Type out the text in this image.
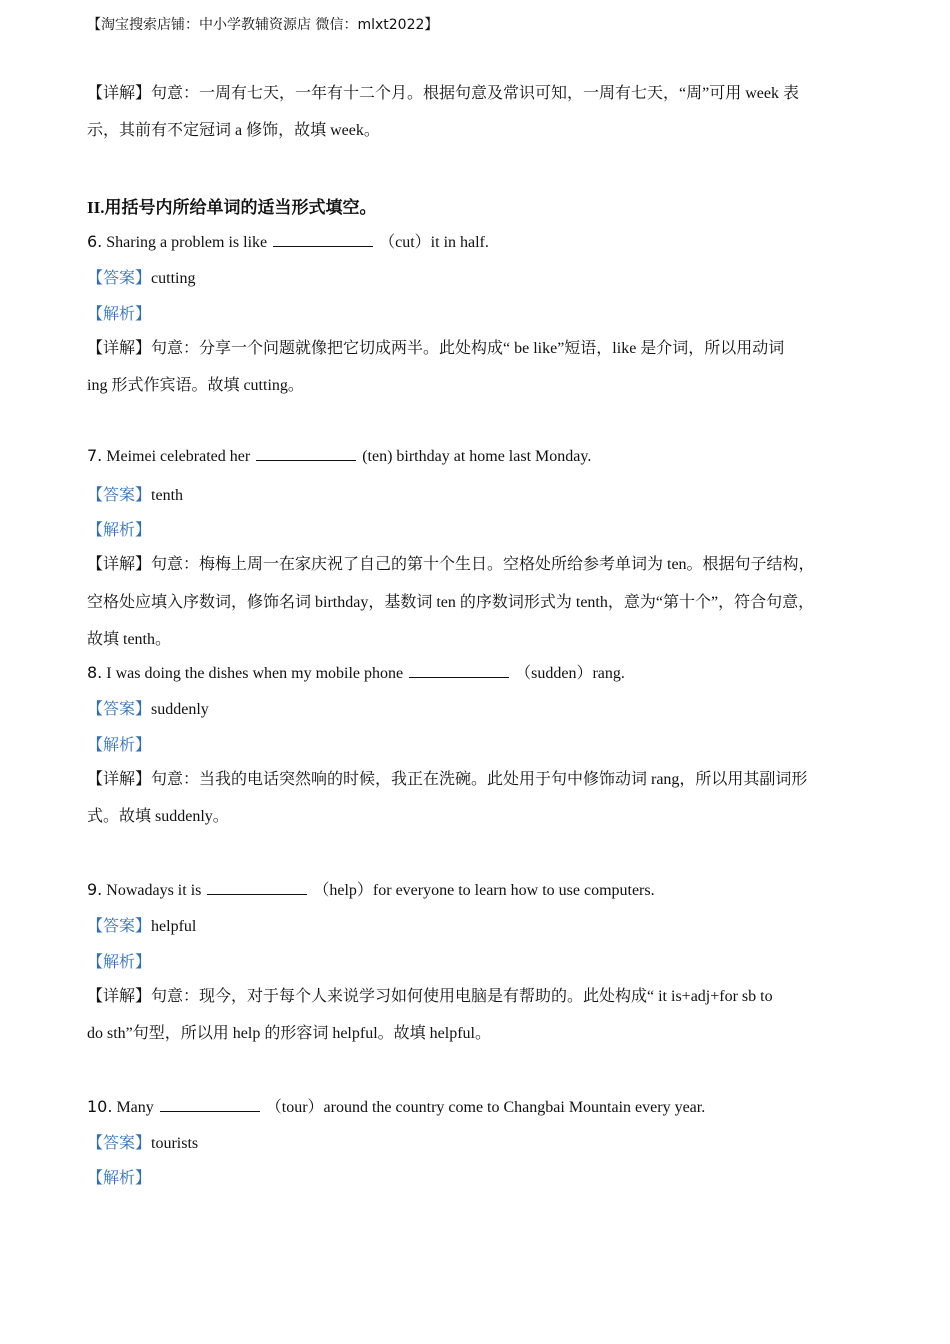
【淘宝搜索店铺：中小学教辅资源店 微信：mlxt2022】
【详解】句意：一周有七天，一年有十二个月。根据句意及常识可知，一周有七天，“周”可用 week 表
示，其前有不定冠词 a 修饰，故填 week。
II.用括号内所给单词的适当形式填空。
6. Sharing a problem is like	（cut）it in half.
【答案】cutting
【解析】
【详解】句意：分享一个问题就像把它切成两半。此处构成“ be like”短语，like 是介词，所以用动词
ing 形式作宾语。故填 cutting。
7. Meimei celebrated her	(ten) birthday at home last Monday.
【答案】tenth
【解析】
【详解】句意：梅梅上周一在家庆祝了自己的第十个生日。空格处所给参考单词为 ten。根据句子结构，
空格处应填入序数词，修饰名词 birthday，基数词 ten 的序数词形式为 tenth，意为“第十个”，符合句意，
故填 tenth。
8. I was doing the dishes when my mobile phone	（sudden）rang.
【答案】suddenly
【解析】
【详解】句意：当我的电话突然响的时候，我正在洗碗。此处用于句中修饰动词 rang，所以用其副词形
式。故填 suddenly。
9. Nowadays it is	（help）for everyone to learn how to use computers.
【答案】helpful
【解析】
【详解】句意：现今，对于每个人来说学习如何使用电脑是有帮助的。此处构成“ it is+adj+for sb to
do sth”句型，所以用 help 的形容词 helpful。故填 helpful。
10. Many	（tour）around the country come to Changbai Mountain every year.
【答案】tourists
【解析】
